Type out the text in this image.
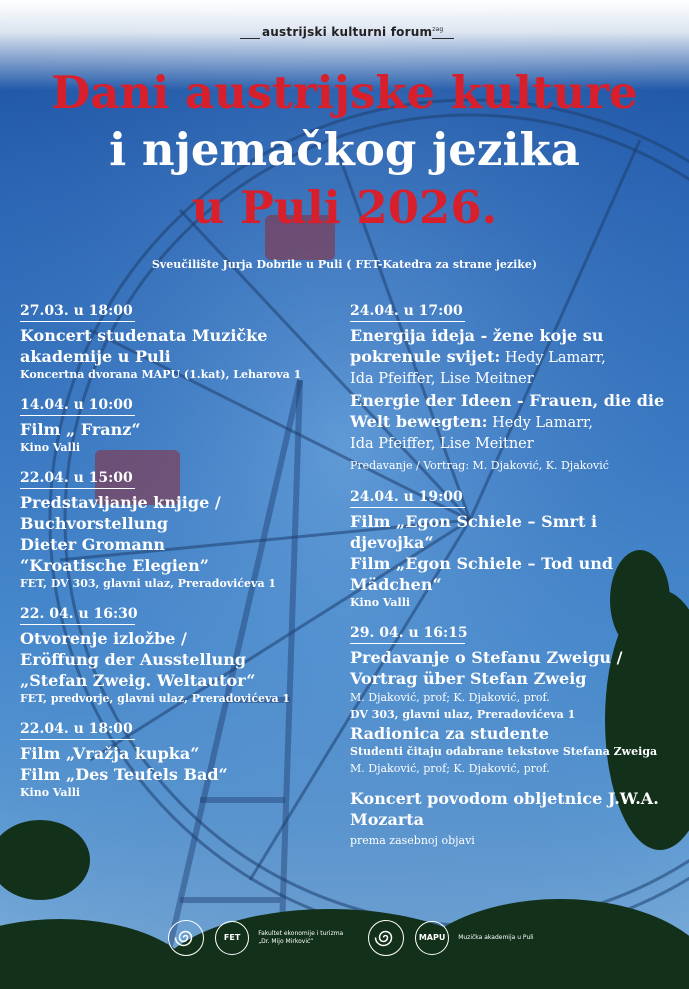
austrijski kulturni forum$^{zag}$
Dani austrijske kulture
i njemačkog jezika
u Puli 2026.
Sveučilište Jurja Dobrile u Puli ( FET-Katedra za strane jezike)
27.03. u 18:00
Koncert studenata Muzičke
akademije u Puli
Koncertna dvorana MAPU (1.kat), Leharova 1
14.04. u 10:00
Film „ Franz“
Kino Valli
22.04. u 15:00
Predstavljanje knjige /
Buchvorstellung
Dieter Gromann
“Kroatische Elegien”
FET, DV 303, glavni ulaz, Preradovićeva 1
22. 04. u 16:30
Otvorenje izložbe /
Eröffung der Ausstellung
„Stefan Zweig. Weltautor“
FET, predvorje, glavni ulaz, Preradovićeva 1
22.04. u 18:00
Film „Vražja kupka“
Film „Des Teufels Bad“
Kino Valli
24.04. u 17:00
Energija ideja - žene koje su
pokrenule svijet: Hedy Lamarr,
Ida Pfeiffer, Lise Meitner
Energie der Ideen - Frauen, die die
Welt bewegten: Hedy Lamarr,
Ida Pfeiffer, Lise Meitner
Predavanje / Vortrag: M. Djaković, K. Djaković
24.04. u 19:00
Film „Egon Schiele – Smrt i djevojka“
Film „Egon Schiele – Tod und
Mädchen“
Kino Valli
29. 04. u 16:15
Predavanje o Stefanu Zweigu /
Vortrag über Stefan Zweig
M. Djaković, prof; K. Djaković, prof.
DV 303, glavni ulaz, Preradovićeva 1
Radionica za studente
Studenti čitaju odabrane tekstove Stefana Zweiga
M. Djaković, prof; K. Djaković, prof.
Koncert povodom obljetnice J.W.A.
Mozarta
prema zasebnoj objavi
FET	Fakultet ekonomije i turizma
„Dr. Mijo Mirković“	MAPU Muzička akademija u Puli
